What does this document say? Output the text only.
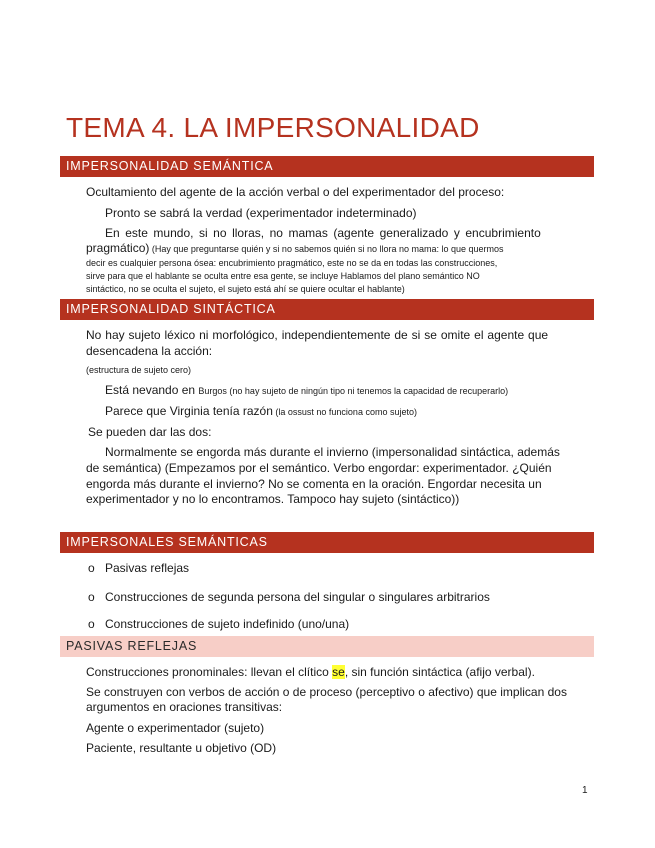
TEMA 4. LA IMPERSONALIDAD
IMPERSONALIDAD SEMÁNTICA
Ocultamiento del agente de la acción verbal o del experimentador del proceso:
Pronto se sabrá la verdad (experimentador indeterminado)
En este mundo, si no lloras, no mamas (agente generalizado y encubrimiento
pragmático) (Hay que preguntarse quién y si no sabemos quién si no llora no mama: lo que quermos
decir es cualquier persona ósea: encubrimiento pragmático, este no se da en todas las construcciones,
sirve para que el hablante se oculta entre esa gente, se incluye Hablamos del plano semántico NO
sintáctico, no se oculta el sujeto, el sujeto está ahí se quiere ocultar el hablante)
IMPERSONALIDAD SINTÁCTICA
No hay sujeto léxico ni morfológico, independientemente de si se omite el agente que
desencadena la acción:
(estructura de sujeto cero)
Está nevando en Burgos (no hay sujeto de ningún tipo ni tenemos la capacidad de recuperarlo)
Parece que Virginia tenía razón (la ossust no funciona como sujeto)
Se pueden dar las dos:
Normalmente se engorda más durante el invierno (impersonalidad sintáctica, además
de semántica) (Empezamos por el semántico. Verbo engordar: experimentador. ¿Quién
engorda más durante el invierno? No se comenta en la oración. Engordar necesita un
experimentador y no lo encontramos. Tampoco hay sujeto (sintáctico))
IMPERSONALES SEMÁNTICAS
o Pasivas reflejas
o Construcciones de segunda persona del singular o singulares arbitrarios
o Construcciones de sujeto indefinido (uno/una)
PASIVAS REFLEJAS
Construcciones pronominales: llevan el clítico se, sin función sintáctica (afijo verbal).
Se construyen con verbos de acción o de proceso (perceptivo o afectivo) que implican dos
argumentos en oraciones transitivas:
Agente o experimentador (sujeto)
Paciente, resultante u objetivo (OD)
1
